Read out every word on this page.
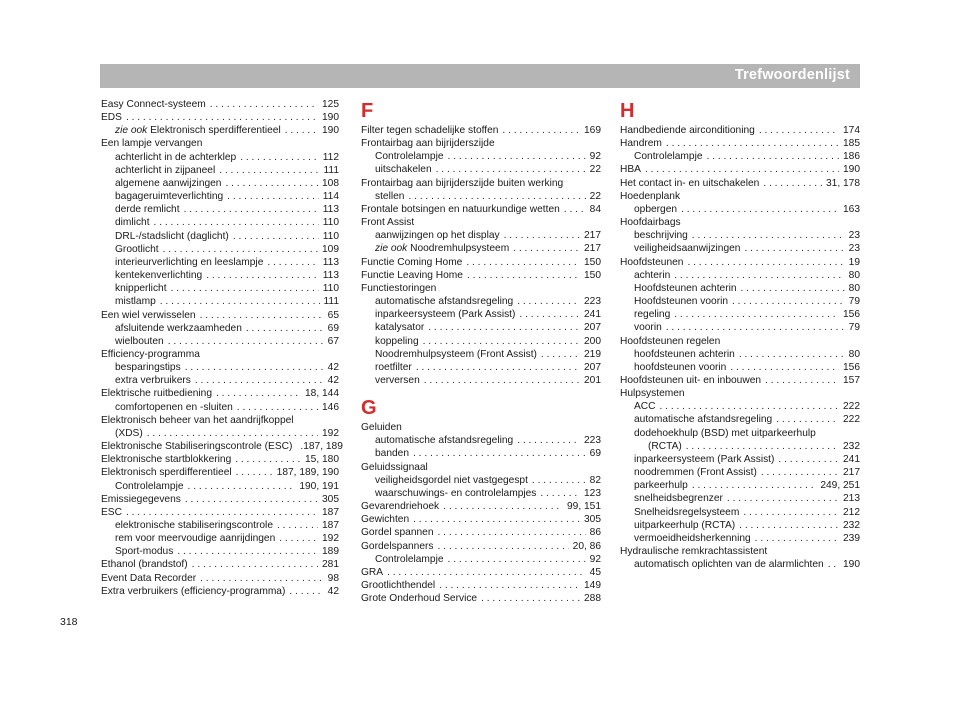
Trefwoordenlijst
Easy Connect-systeem . . .	125
EDS . . .	190
zie ook Elektronisch sperdifferentieel . . .	190
Een lampje vervangen
achterlicht in de achterklep . . .	112
achterlicht in zijpaneel . . .	111
algemene aanwijzingen . . .	108
bagageruimteverlichting . . .	114
derde remlicht . . .	113
dimlicht . . .	110
DRL-/stadslicht (daglicht) . . .	110
Grootlicht . . .	109
interieurverlichting en leeslampje . . .	113
kentekenverlichting . . .	113
knipperlicht . . .	110
mistlamp . . .	111
Een wiel verwisselen . . .	65
afsluitende werkzaamheden . . .	69
wielbouten . . .	67
Efficiency-programma
besparingstips . . .	42
extra verbruikers . . .	42
Elektrische ruitbediening . . .	18, 144
comfortopenen en -sluiten . . .	146
Elektronisch beheer van het aandrijfkoppel
(XDS) . . .	192
Elektronische Stabiliseringscontrole (ESC) .187, 189
Elektronische startblokkering . . .	15, 180
Elektronisch sperdifferentieel . . .	187, 189, 190
Controlelampje . . .	190, 191
Emissiegegevens . . .	305
ESC . . .	187
elektronische stabiliseringscontrole . . .	187
rem voor meervoudige aanrijdingen . . .	192
Sport-modus . . .	189
Ethanol (brandstof) . . .	281
Event Data Recorder . . .	98
Extra verbruikers (efficiency-programma) . . .	42
F
Filter tegen schadelijke stoffen . . .	169
Frontairbag aan bijrijderszijde
Controlelampje . . .	92
uitschakelen . . .	22
Frontairbag aan bijrijderszijde buiten werking
stellen . . .	22
Frontale botsingen en natuurkundige wetten . . .	84
Front Assist
aanwijzingen op het display . . .	217
zie ook Noodremhulpsysteem . . .	217
Functie Coming Home . . .	150
Functie Leaving Home . . .	150
Functiestoringen
automatische afstandsregeling . . .	223
inparkeersysteem (Park Assist) . . .	241
katalysator . . .	207
koppeling . . .	200
Noodremhulpsysteem (Front Assist) . . .	219
roetfilter . . .	207
verversen . . .	201
G
Geluiden
automatische afstandsregeling . . .	223
banden . . .	69
Geluidssignaal
veiligheidsgordel niet vastgegespt . . .	82
waarschuwings- en controlelampjes . . .	123
Gevarendriehoek . . .	99, 151
Gewichten . . .	305
Gordel spannen . . .	86
Gordelspanners . . .	20, 86
Controlelampje . . .	92
GRA . . .	45
Grootlichthendel . . .	149
Grote Onderhoud Service . . .	288
H
Handbediende airconditioning . . .	174
Handrem . . .	185
Controlelampje . . .	186
HBA . . .	190
Het contact in- en uitschakelen . . .	31, 178
Hoedenplank
opbergen . . .	163
Hoofdairbags
beschrijving . . .	23
veiligheidsaanwijzingen . . .	23
Hoofdsteunen . . .	19
achterin . . .	80
Hoofdsteunen achterin . . .	80
Hoofdsteunen voorin . . .	79
regeling . . .	156
voorin . . .	79
Hoofdsteunen regelen
hoofdsteunen achterin . . .	80
hoofdsteunen voorin . . .	156
Hoofdsteunen uit- en inbouwen . . .	157
Hulpsystemen
ACC . . .	222
automatische afstandsregeling . . .	222
dodehoekhulp (BSD) met uitparkeerhulp
(RCTA) . . .	232
inparkeersysteem (Park Assist) . . .	241
noodremmen (Front Assist) . . .	217
parkeerhulp . . .	249, 251
snelheidsbegrenzer . . .	213
Snelheidsregelsysteem . . .	212
uitparkeerhulp (RCTA) . . .	232
vermoeidheidsherkenning . . .	239
Hydraulische remkrachtassistent
automatisch oplichten van de alarmlichten . . . 190
318
